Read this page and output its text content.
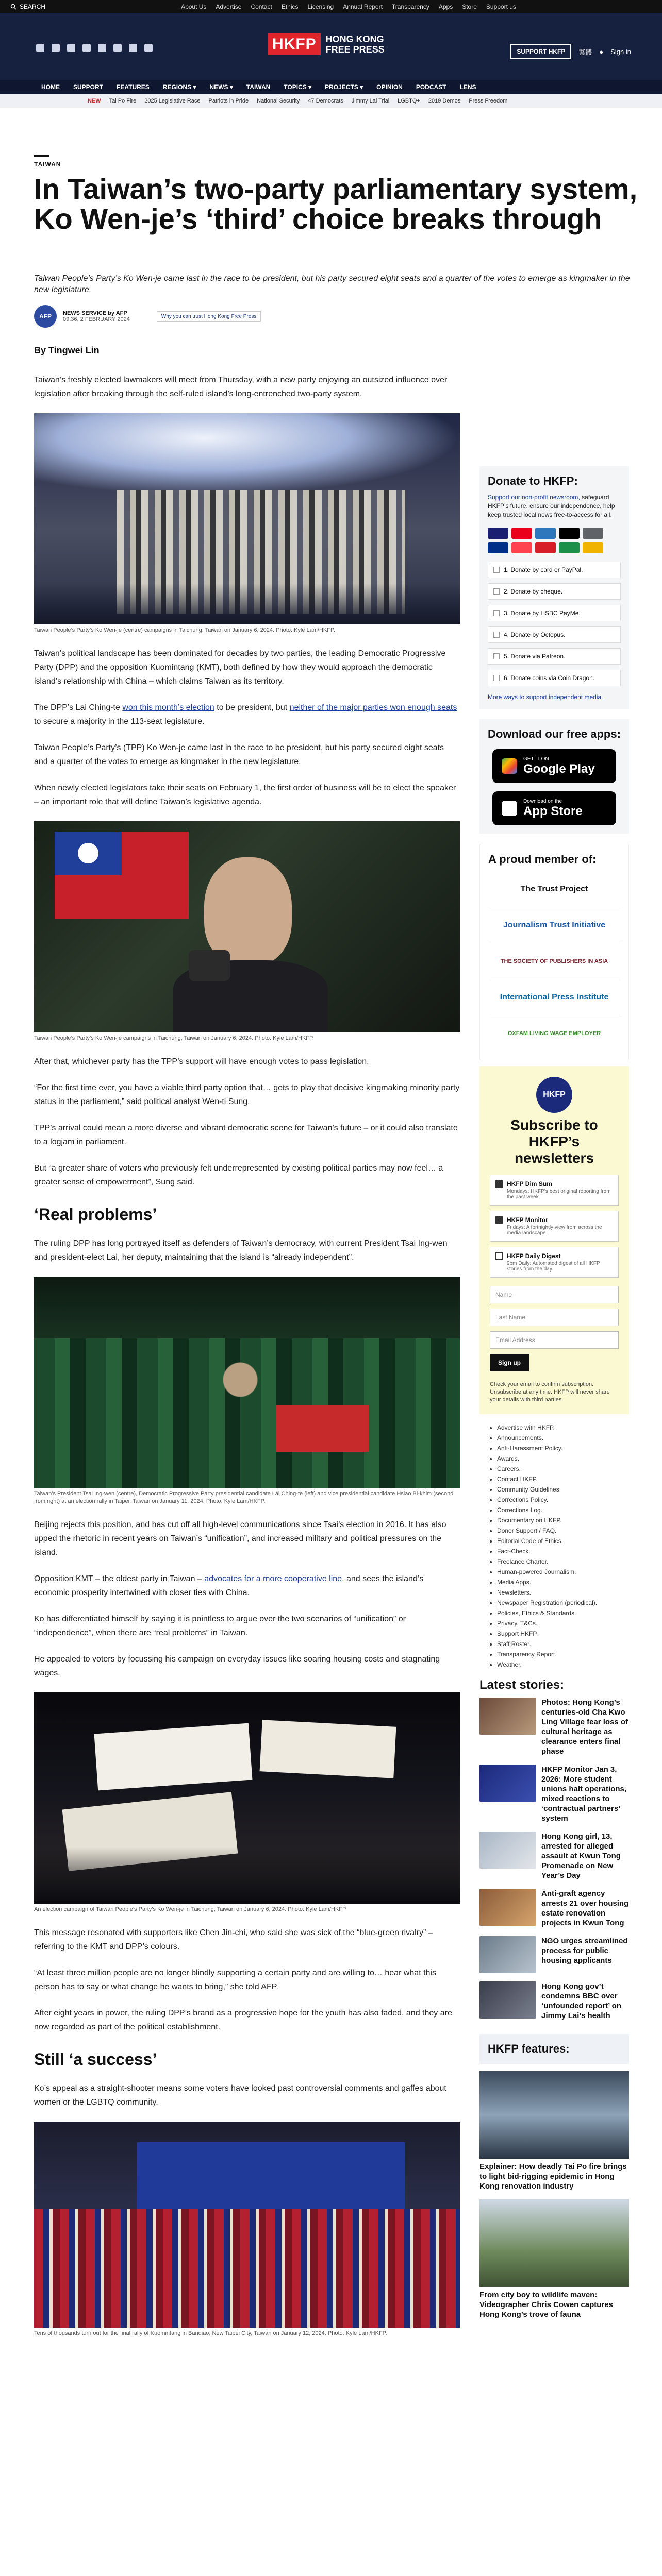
SEARCH	About Us Advertise Contact Ethics Licensing Annual Report Transparency Apps Store Support us
HKFP	HONG KONG
FREE PRESS	SUPPORT HKFP	繁體 ● Sign in
HOME SUPPORT FEATURES REGIONS ▾ NEWS ▾ TAIWAN TOPICS ▾ PROJECTS ▾ OPINION PODCAST LENS
NEW Tai Po Fire 2025 Legislative Race Patriots in Pride National Security 47 Democrats Jimmy Lai Trial LGBTQ+ 2019 Demos Press Freedom
TAIWAN
In Taiwan’s two-party parliamentary system, Ko Wen-je’s ‘third’ choice breaks through
Taiwan People’s Party’s Ko Wen-je came last in the race to be president, but his party secured eight seats and a quarter of the votes to emerge as kingmaker in the new legislature.
AFP	NEWS SERVICE by AFP
09:36, 2 FEBRUARY 2024	Why you can trust Hong Kong Free Press
By Tingwei Lin

Taiwan’s freshly elected lawmakers will meet from Thursday, with a new party enjoying an outsized influence over legislation after breaking through the self-ruled island’s long-entrenched two-party system.

Taiwan People’s Party’s Ko Wen-je (centre) campaigns in Taichung, Taiwan on January 6, 2024. Photo: Kyle Lam/HKFP.

Taiwan’s political landscape has been dominated for decades by two parties, the leading Democratic Progressive Party (DPP) and the opposition Kuomintang (KMT), both defined by how they would approach the democratic island’s relationship with China – which claims Taiwan as its territory.

The DPP’s Lai Ching-te won this month’s election to be president, but neither of the major parties won enough seats to secure a majority in the 113-seat legislature.

Taiwan People’s Party’s (TPP) Ko Wen-je came last in the race to be president, but his party secured eight seats and a quarter of the votes to emerge as kingmaker in the new legislature.

When newly elected legislators take their seats on February 1, the first order of business will be to elect the speaker – an important role that will define Taiwan’s legislative agenda.

Taiwan People’s Party’s Ko Wen-je campaigns in Taichung, Taiwan on January 6, 2024. Photo: Kyle Lam/HKFP.

After that, whichever party has the TPP’s support will have enough votes to pass legislation.

“For the first time ever, you have a viable third party option that… gets to play that decisive kingmaking minority party status in the parliament,” said political analyst Wen-ti Sung.

TPP’s arrival could mean a more diverse and vibrant democratic scene for Taiwan’s future – or it could also translate to a logjam in parliament.

But “a greater share of voters who previously felt underrepresented by existing political parties may now feel… a greater sense of empowerment”, Sung said.

‘Real problems’

The ruling DPP has long portrayed itself as defenders of Taiwan’s democracy, with current President Tsai Ing-wen and president-elect Lai, her deputy, maintaining that the island is “already independent”.

Taiwan’s President Tsai Ing-wen (centre), Democratic Progressive Party presidential candidate Lai Ching-te (left) and vice presidential candidate Hsiao Bi-khim (second from right) at an election rally in Taipei, Taiwan on January 11, 2024. Photo: Kyle Lam/HKFP.

Beijing rejects this position, and has cut off all high-level communications since Tsai’s election in 2016. It has also upped the rhetoric in recent years on Taiwan’s “unification”, and increased military and political pressures on the island.

Opposition KMT – the oldest party in Taiwan – advocates for a more cooperative line, and sees the island’s economic prosperity intertwined with closer ties with China.

Ko has differentiated himself by saying it is pointless to argue over the two scenarios of “unification” or “independence”, when there are “real problems” in Taiwan.

He appealed to voters by focussing his campaign on everyday issues like soaring housing costs and stagnating wages.

An election campaign of Taiwan People’s Party’s Ko Wen-je in Taichung, Taiwan on January 6, 2024. Photo: Kyle Lam/HKFP.

This message resonated with supporters like Chen Jin-chi, who said she was sick of the “blue-green rivalry” – referring to the KMT and DPP’s colours.

“At least three million people are no longer blindly supporting a certain party and are willing to… hear what this person has to say or what change he wants to bring,” she told AFP.

After eight years in power, the ruling DPP’s brand as a progressive hope for the youth has also faded, and they are now regarded as part of the political establishment.

Still ‘a success’

Ko’s appeal as a straight-shooter means some voters have looked past controversial comments and gaffes about women or the LGBTQ community.

Tens of thousands turn out for the final rally of Kuomintang in Banqiao, New Taipei City, Taiwan on January 12, 2024. Photo: Kyle Lam/HKFP.
Donate to HKFP:
Support our non-profit newsroom, safeguard HKFP’s future, ensure our independence, help keep trusted local news free-to-access for all.
1. Donate by card or PayPal.
2. Donate by cheque.
3. Donate by HSBC PayMe.
4. Donate by Octopus.
5. Donate via Patreon.
6. Donate coins via Coin Dragon.
More ways to support independent media.
Download our free apps:
GET IT ON
Google Play
Download on the
App Store
A proud member of:
The Trust Project
Journalism Trust Initiative
THE SOCIETY OF PUBLISHERS IN ASIA
International Press Institute
OXFAM LIVING WAGE EMPLOYER
HKFP
Subscribe to HKFP’s newsletters
HKFP Dim Sum
Mondays: HKFP’s best original reporting from the past week.
HKFP Monitor
Fridays: A fortnightly view from across the media landscape.
HKFP Daily Digest
9pm Daily: Automated digest of all HKFP stories from the day.
Name
Last Name
Email Address
Sign up
Check your email to confirm subscription. Unsubscribe at any time. HKFP will never share your details with third parties.
• Advertise with HKFP.
• Announcements.
• Anti-Harassment Policy.
• Awards.
• Careers.
• Contact HKFP.
• Community Guidelines.
• Corrections Policy.
• Corrections Log.
• Documentary on HKFP.
• Donor Support / FAQ.
• Editorial Code of Ethics.
• Fact-Check.
• Freelance Charter.
• Human-powered Journalism.
• Media Apps.
• Newsletters.
• Newspaper Registration (periodical).
• Policies, Ethics & Standards.
• Privacy, T&Cs.
• Support HKFP.
• Staff Roster.
• Transparency Report.
• Weather.
Latest stories:
Photos: Hong Kong’s centuries-old Cha Kwo Ling Village fear loss of cultural heritage as clearance enters final phase
HKFP Monitor Jan 3, 2026: More student unions halt operations, mixed reactions to ‘contractual partners’ system
Hong Kong girl, 13, arrested for alleged assault at Kwun Tong Promenade on New Year’s Day
Anti-graft agency arrests 21 over housing estate renovation projects in Kwun Tong
NGO urges streamlined process for public housing applicants
Hong Kong gov’t condemns BBC over ‘unfounded report’ on Jimmy Lai’s health
HKFP features:
Explainer: How deadly Tai Po fire brings to light bid-rigging epidemic in Hong Kong renovation industry
From city boy to wildlife maven: Videographer Chris Cowen captures Hong Kong’s trove of fauna
